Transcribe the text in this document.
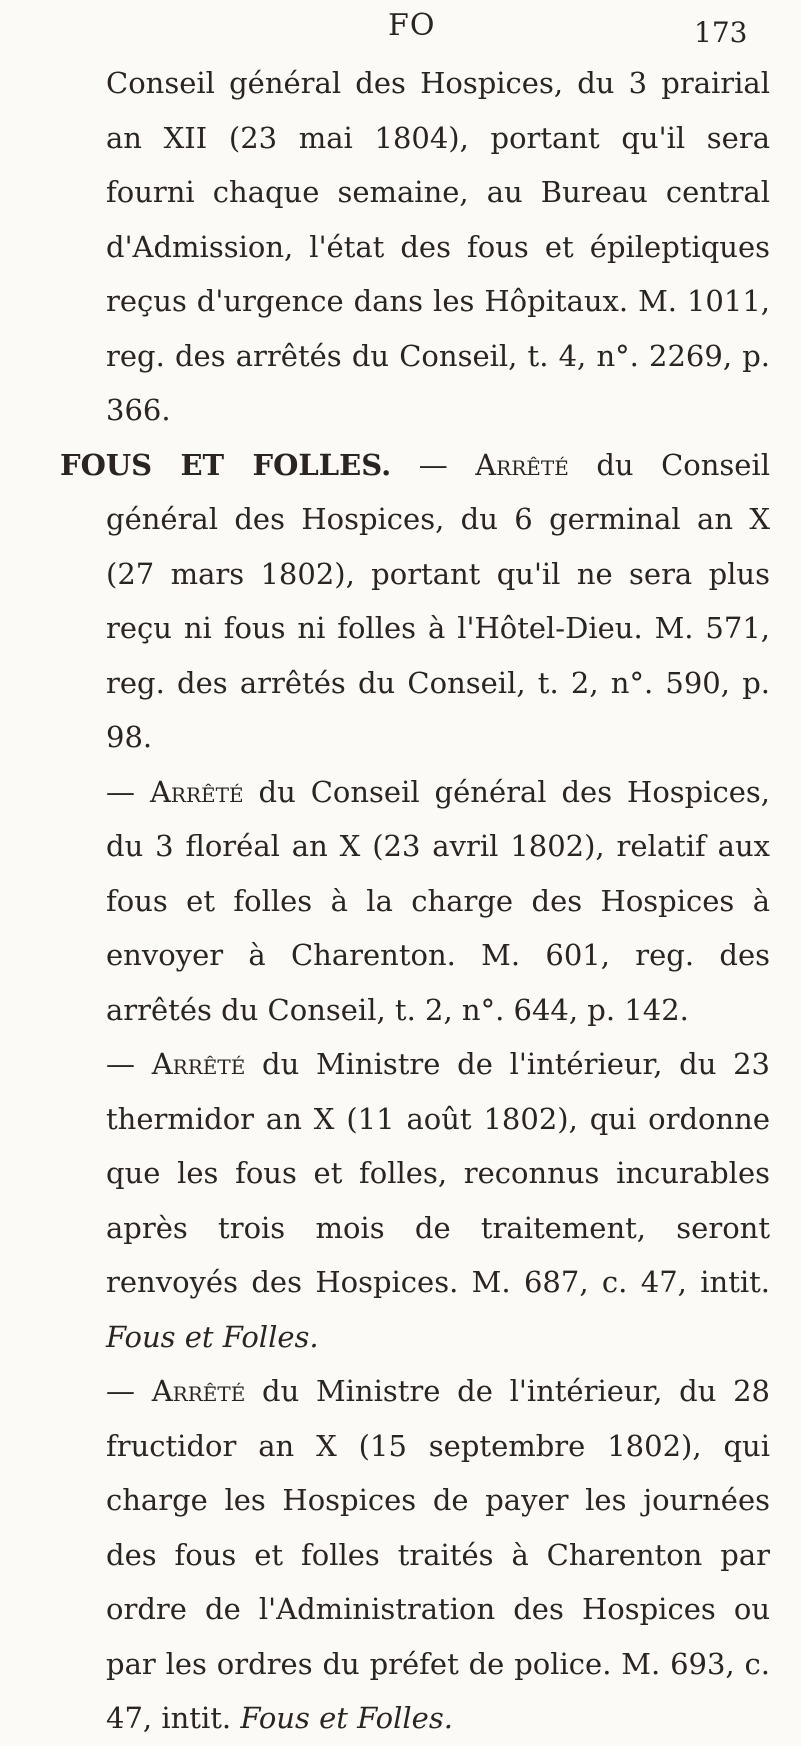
FO	173

Conseil général des Hospices, du 3 prairial an XII (23 mai 1804), portant qu'il sera fourni chaque semaine, au Bureau central d'Admission, l'état des fous et épileptiques reçus d'urgence dans les Hôpitaux. M. 1011, reg. des arrêtés du Conseil, t. 4, n°. 2269, p. 366.

FOUS ET FOLLES. — Arrêté du Conseil général des Hospices, du 6 germinal an X (27 mars 1802), portant qu'il ne sera plus reçu ni fous ni folles à l'Hôtel-Dieu. M. 571, reg. des arrêtés du Conseil, t. 2, n°. 590, p. 98.

— Arrêté du Conseil général des Hospices, du 3 floréal an X (23 avril 1802), relatif aux fous et folles à la charge des Hospices à envoyer à Charenton. M. 601, reg. des arrêtés du Conseil, t. 2, n°. 644, p. 142.

— Arrêté du Ministre de l'intérieur, du 23 thermidor an X (11 août 1802), qui ordonne que les fous et folles, reconnus incurables après trois mois de traitement, seront renvoyés des Hospices. M. 687, c. 47, intit. Fous et Folles.

— Arrêté du Ministre de l'intérieur, du 28 fructidor an X (15 septembre 1802), qui charge les Hospices de payer les journées des fous et folles traités à Charenton par ordre de l'Administration des Hospices ou par les ordres du préfet de police. M. 693, c. 47, intit. Fous et Folles.
